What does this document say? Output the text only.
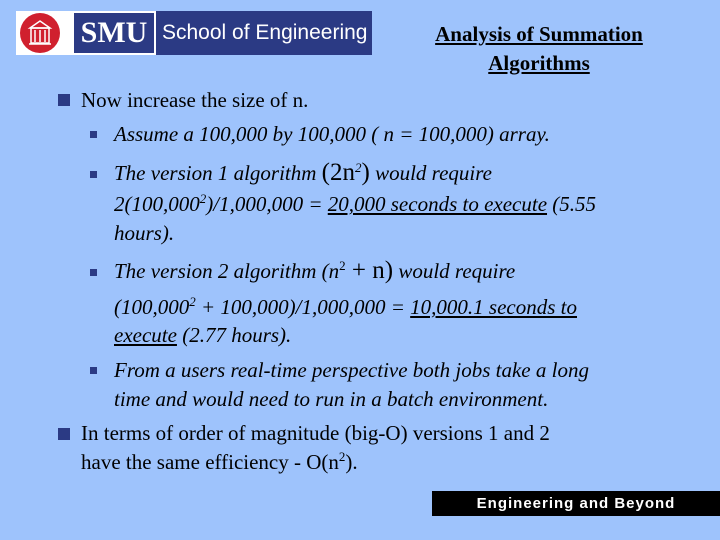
SMU School of Engineering	Analysis of Summation
Algorithms
Now increase the size of n.
Assume a 100,000 by 100,000 ( n = 100,000) array.
The version 1 algorithm $(2n^2)$ would require
$2(100,000^2)/1,000,000 = 20,000$ seconds to execute (5.55
hours).
The version 2 algorithm $(n^2 + n)$ would require
$(100,000^2 + 100,000)/1,000,000 = 10,000.1$ seconds to
execute (2.77 hours).
From a users real-time perspective both jobs take a long
time and would need to run in a batch environment.
In terms of order of magnitude (big-O) versions 1 and 2
have the same efficiency - $O(n^2)$.
Engineering and Beyond
